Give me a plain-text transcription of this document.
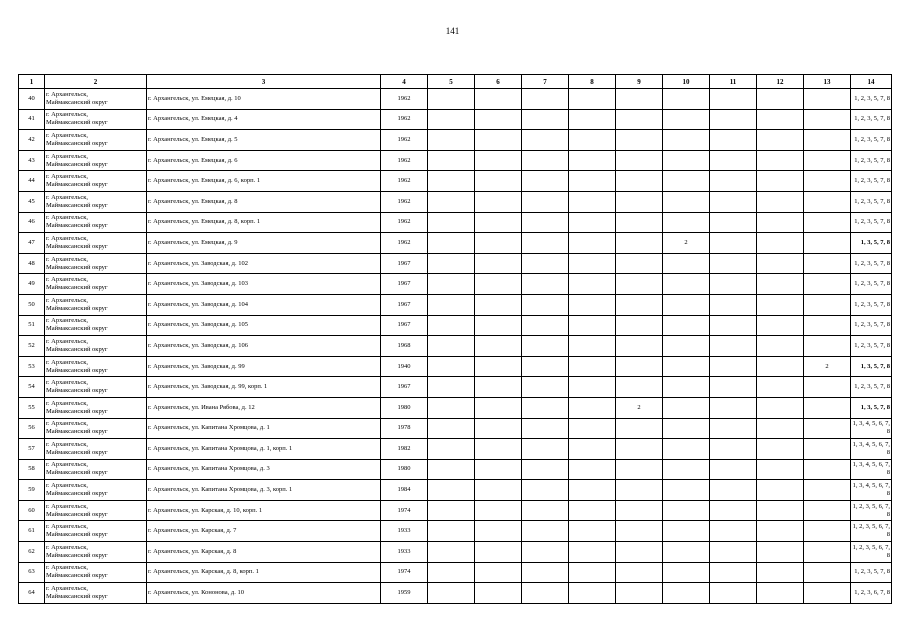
141
1	2	3	4	5	6	7	8	9	10	11	12	13	14
40	г. Архангельск,
Маймаксанский округ	г. Архангельск, ул. Емецкая, д. 10	1962										1, 2, 3, 5, 7, 8
41	г. Архангельск,
Маймаксанский округ	г. Архангельск, ул. Емецкая, д. 4	1962										1, 2, 3, 5, 7, 8
42	г. Архангельск,
Маймаксанский округ	г. Архангельск, ул. Емецкая, д. 5	1962										1, 2, 3, 5, 7, 8
43	г. Архангельск,
Маймаксанский округ	г. Архангельск, ул. Емецкая, д. 6	1962										1, 2, 3, 5, 7, 8
44	г. Архангельск,
Маймаксанский округ	г. Архангельск, ул. Емецкая, д. 6, корп. 1	1962										1, 2, 3, 5, 7, 8
45	г. Архангельск,
Маймаксанский округ	г. Архангельск, ул. Емецкая, д. 8	1962										1, 2, 3, 5, 7, 8
46	г. Архангельск,
Маймаксанский округ	г. Архангельск, ул. Емецкая, д. 8, корп. 1	1962										1, 2, 3, 5, 7, 8
47	г. Архангельск,
Маймаксанский округ	г. Архангельск, ул. Емецкая, д. 9	1962						2				1, 3, 5, 7, 8
48	г. Архангельск,
Маймаксанский округ	г. Архангельск, ул. Заводская, д. 102	1967										1, 2, 3, 5, 7, 8
49	г. Архангельск,
Маймаксанский округ	г. Архангельск, ул. Заводская, д. 103	1967										1, 2, 3, 5, 7, 8
50	г. Архангельск,
Маймаксанский округ	г. Архангельск, ул. Заводская, д. 104	1967										1, 2, 3, 5, 7, 8
51	г. Архангельск,
Маймаксанский округ	г. Архангельск, ул. Заводская, д. 105	1967										1, 2, 3, 5, 7, 8
52	г. Архангельск,
Маймаксанский округ	г. Архангельск, ул. Заводская, д. 106	1968										1, 2, 3, 5, 7, 8
53	г. Архангельск,
Маймаксанский округ	г. Архангельск, ул. Заводская, д. 99	1940									2	1, 3, 5, 7, 8
54	г. Архангельск,
Маймаксанский округ	г. Архангельск, ул. Заводская, д. 99, корп. 1	1967										1, 2, 3, 5, 7, 8
55	г. Архангельск,
Маймаксанский округ	г. Архангельск, ул. Ивана Рябова, д. 12	1980					2					1, 3, 5, 7, 8
56	г. Архангельск,
Маймаксанский округ	г. Архангельск, ул. Капитана Хромцова, д. 1	1978										1, 3, 4, 5, 6, 7, 8
57	г. Архангельск,
Маймаксанский округ	г. Архангельск, ул. Капитана Хромцова, д. 1, корп. 1	1982										1, 3, 4, 5, 6, 7, 8
58	г. Архангельск,
Маймаксанский округ	г. Архангельск, ул. Капитана Хромцова, д. 3	1980										1, 3, 4, 5, 6, 7, 8
59	г. Архангельск,
Маймаксанский округ	г. Архангельск, ул. Капитана Хромцова, д. 3, корп. 1	1984										1, 3, 4, 5, 6, 7, 8
60	г. Архангельск,
Маймаксанский округ	г. Архангельск, ул. Карская, д. 10, корп. 1	1974										1, 2, 3, 5, 6, 7, 8
61	г. Архангельск,
Маймаксанский округ	г. Архангельск, ул. Карская, д. 7	1933										1, 2, 3, 5, 6, 7, 8
62	г. Архангельск,
Маймаксанский округ	г. Архангельск, ул. Карская, д. 8	1933										1, 2, 3, 5, 6, 7, 8
63	г. Архангельск,
Маймаксанский округ	г. Архангельск, ул. Карская, д. 8, корп. 1	1974										1, 2, 3, 5, 7, 8
64	г. Архангельск,
Маймаксанский округ	г. Архангельск, ул. Кононова, д. 10	1959										1, 2, 3, 6, 7, 8
